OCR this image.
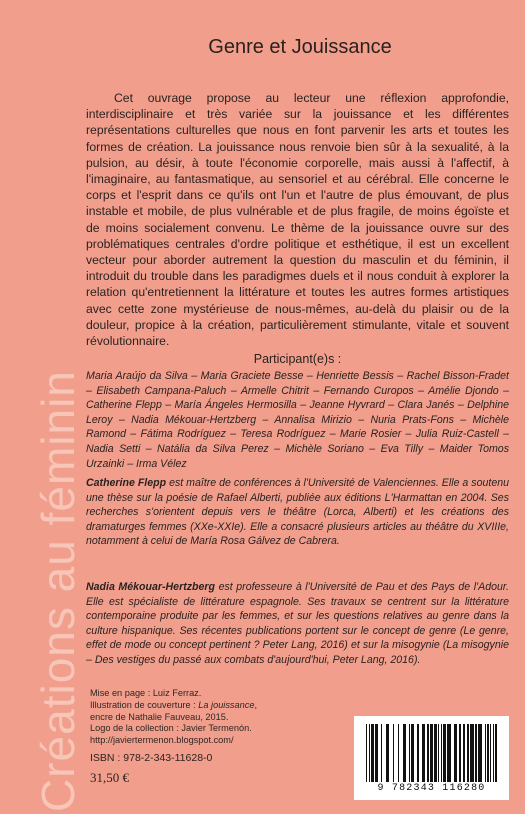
Créations au féminin
Genre et Jouissance

Cet ouvrage propose au lecteur une réflexion approfondie, interdisciplinaire et très variée sur la jouissance et les différentes représentations culturelles que nous en font parvenir les arts et toutes les formes de création. La jouissance nous renvoie bien sûr à la sexualité, à la pulsion, au désir, à toute l'économie corporelle, mais aussi à l'affectif, à l'imaginaire, au fantasmatique, au sensoriel et au cérébral. Elle concerne le corps et l'esprit dans ce qu'ils ont l'un et l'autre de plus émouvant, de plus instable et mobile, de plus vulnérable et de plus fragile, de moins égoïste et de moins socialement convenu. Le thème de la jouissance ouvre sur des problématiques centrales d'ordre politique et esthétique, il est un excellent vecteur pour aborder autrement la question du masculin et du féminin, il introduit du trouble dans les paradigmes duels et il nous conduit à explorer la relation qu'entretiennent la littérature et toutes les autres formes artistiques avec cette zone mystérieuse de nous-mêmes, au-delà du plaisir ou de la douleur, propice à la création, particulièrement stimulante, vitale et souvent révolutionnaire.

Participant(e)s :

Maria Araújo da Silva – Maria Graciete Besse – Henriette Bessis – Rachel Bisson-Fradet – Elisabeth Campana-Paluch – Armelle Chitrit – Fernando Curopos – Amélie Djondo – Catherine Flepp – María Ángeles Hermosilla – Jeanne Hyvrard – Clara Janés – Delphine Leroy – Nadia Mékouar-Hertzberg – Annalisa Mirizio – Nuria Prats-Fons – Michèle Ramond – Fátima Rodríguez – Teresa Rodríguez – Marie Rosier – Julia Ruiz-Castell – Nadia Setti – Natália da Silva Perez – Michèle Soriano – Eva Tilly – Maider Tomos Urzainki – Irma Vélez

Catherine Flepp est maître de conférences à l'Université de Valenciennes. Elle a soutenu une thèse sur la poésie de Rafael Alberti, publiée aux éditions L'Harmattan en 2004. Ses recherches s'orientent depuis vers le théâtre (Lorca, Alberti) et les créations des dramaturges femmes (XXe-XXIe). Elle a consacré plusieurs articles au théâtre du XVIIIe, notamment à celui de María Rosa Gálvez de Cabrera.

Nadia Mékouar-Hertzberg est professeure à l'Université de Pau et des Pays de l'Adour. Elle est spécialiste de littérature espagnole. Ses travaux se centrent sur la littérature contemporaine produite par les femmes, et sur les questions relatives au genre dans la culture hispanique. Ses récentes publications portent sur le concept de genre (Le genre, effet de mode ou concept pertinent ? Peter Lang, 2016) et sur la misogynie (La misogynie – Des vestiges du passé aux combats d'aujourd'hui, Peter Lang, 2016).

Mise en page : Luiz Ferraz.
Illustration de couverture : La jouissance,
encre de Nathalie Fauveau, 2015.
Logo de la collection : Javier Termenón.
http://javiertermenon.blogspot.com/
ISBN : 978-2-343-11628-0
31,50 €
9 782343 116280
